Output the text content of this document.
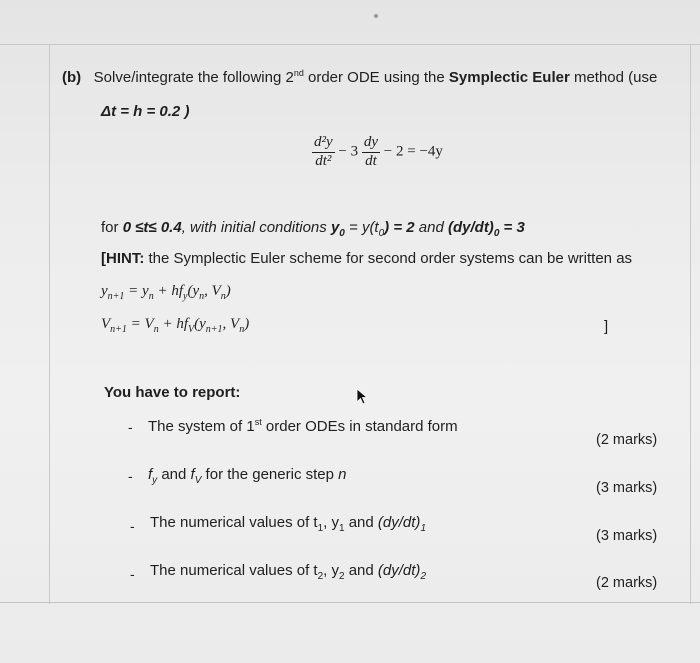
(b) Solve/integrate the following 2nd order ODE using the Symplectic Euler method (use
Δt = h = 0.2 )
$\frac{\text{d²y}}{\text{dt²}} - 3 \frac{dy}{dt} - 2 = -4y$
for 0 ≤t≤ 0.4, with initial conditions $y_0 = y(t_0) = 2$ and $(dy/dt)_0 = 3$
[HINT: the Symplectic Euler scheme for second order systems can be written as
$y_{n+1} = y_n + hf_y(y_n$, $V_n$)
$V_{n+1} = V_n + hf_V(y_{n+1}$, $V_n$)	]
You have to report:
- The system of 1st order ODEs in standard form
(2 marks)
- $f_y$ and $f_V$ for the generic step n
(3 marks)
- The numerical values of $t_1$, $y_1$ and $(dy/dt)_1$	(3 marks)
- The numerical values of $t_2$, $y_2$ and $(dy/dt)_2$	(2 marks)
